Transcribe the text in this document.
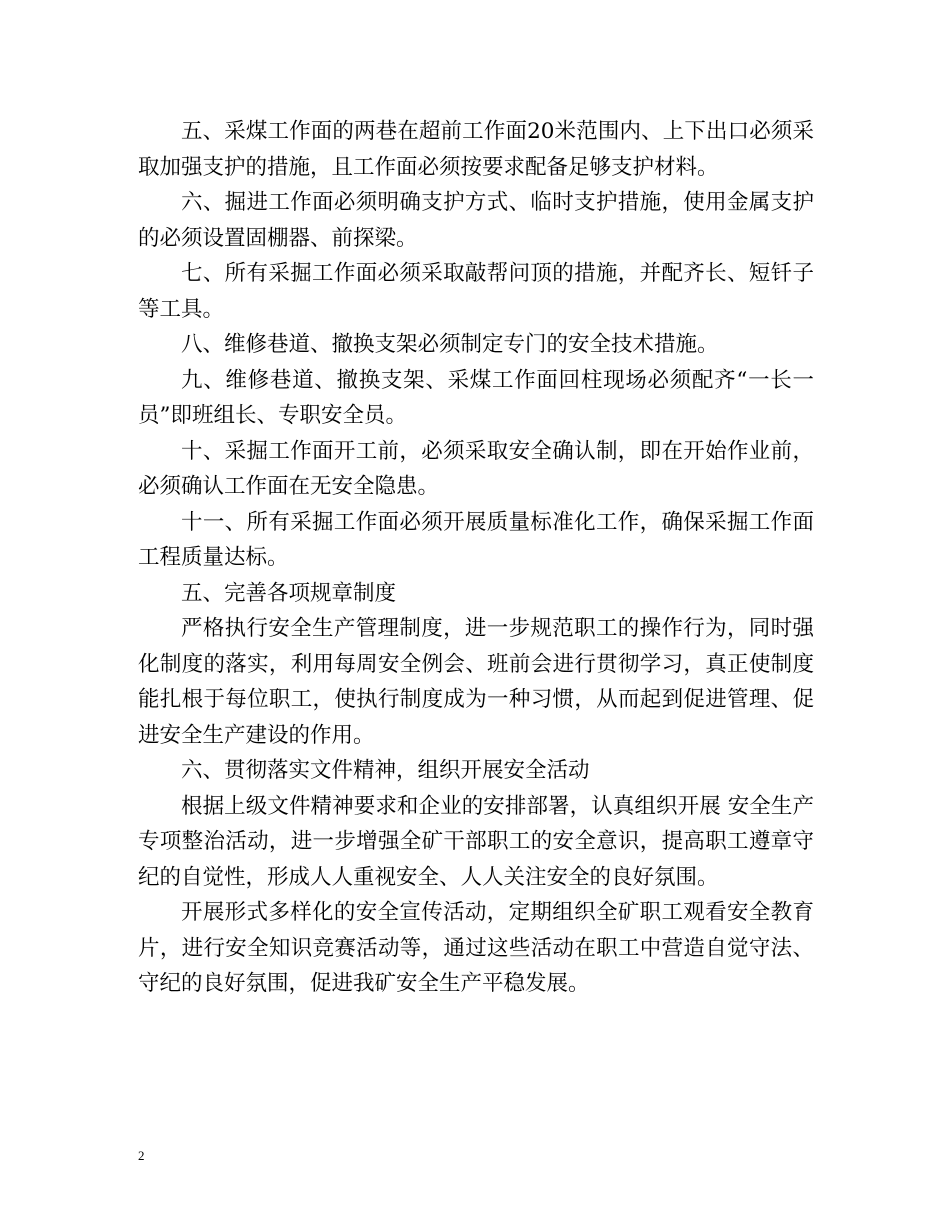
五、采煤工作面的两巷在超前工作面20米范围内、上下出口必须采取加强支护的措施，且工作面必须按要求配备足够支护材料。

六、掘进工作面必须明确支护方式、临时支护措施，使用金属支护的必须设置固棚器、前探梁。

七、所有采掘工作面必须采取敲帮问顶的措施，并配齐长、短钎子等工具。

八、维修巷道、撤换支架必须制定专门的安全技术措施。

九、维修巷道、撤换支架、采煤工作面回柱现场必须配齐“一长一员”即班组长、专职安全员。

十、采掘工作面开工前，必须采取安全确认制，即在开始作业前，必须确认工作面在无安全隐患。

十一、所有采掘工作面必须开展质量标准化工作，确保采掘工作面工程质量达标。

五、完善各项规章制度

严格执行安全生产管理制度，进一步规范职工的操作行为，同时强化制度的落实，利用每周安全例会、班前会进行贯彻学习，真正使制度能扎根于每位职工，使执行制度成为一种习惯，从而起到促进管理、促进安全生产建设的作用。

六、贯彻落实文件精神，组织开展安全活动

根据上级文件精神要求和企业的安排部署，认真组织开展 安全生产专项整治活动，进一步增强全矿干部职工的安全意识，提高职工遵章守纪的自觉性，形成人人重视安全、人人关注安全的良好氛围。

开展形式多样化的安全宣传活动，定期组织全矿职工观看安全教育片，进行安全知识竞赛活动等，通过这些活动在职工中营造自觉守法、守纪的良好氛围，促进我矿安全生产平稳发展。

2
